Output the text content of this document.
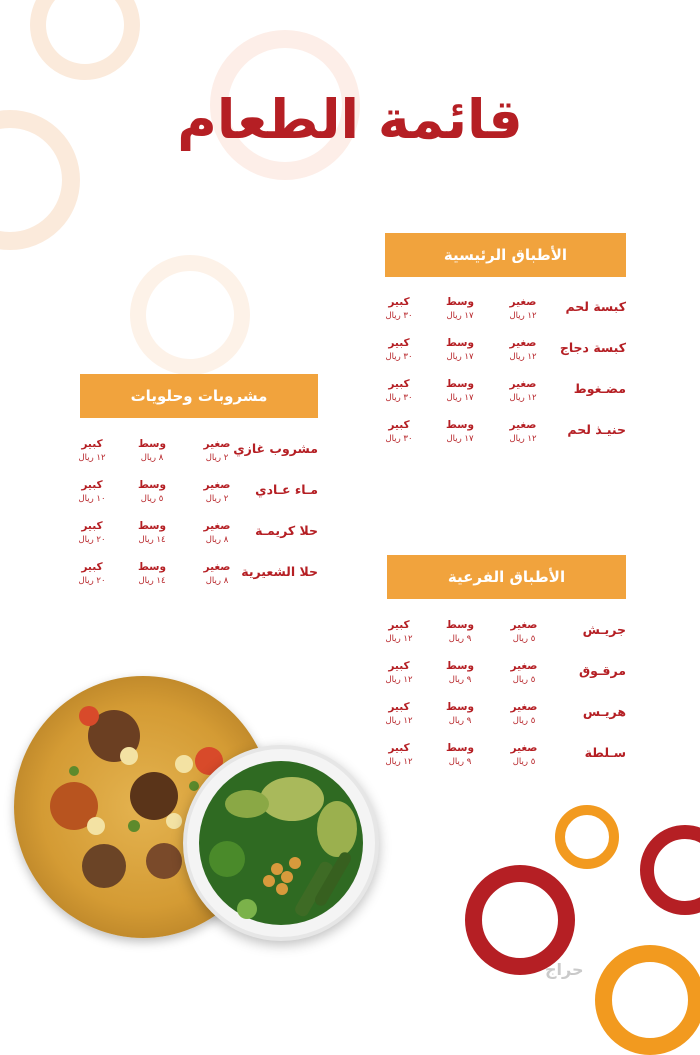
قائمة الطعام
الأطباق الرئيسية
كبسة لحم
صغير
١٢ ريال
وسط
١٧ ريال
كبير
٣٠ ريال
كبسة دجاج
صغير
١٢ ريال
وسط
١٧ ريال
كبير
٣٠ ريال
مضـغوط
صغير
١٢ ريال
وسط
١٧ ريال
كبير
٣٠ ريال
حنيـذ لحم
صغير
١٢ ريال
وسط
١٧ ريال
كبير
٣٠ ريال
مشروبات وحلويات
مشروب غازي
صغير
٢ ريال
وسط
٨ ريال
كبير
١٢ ريال
مـاء عـادي
صغير
٢ ريال
وسط
٥ ريال
كبير
١٠ ريال
حلا كريمـة
صغير
٨ ريال
وسط
١٤ ريال
كبير
٢٠ ريال
حلا الشعيرية
صغير
٨ ريال
وسط
١٤ ريال
كبير
٢٠ ريال	الأطباق الفرعية
جريـش
صغير
٥ ريال
وسط
٩ ريال
كبير
١٢ ريال
مرقـوق
صغير
٥ ريال
وسط
٩ ريال
كبير
١٢ ريال
هريـس
صغير
٥ ريال
وسط
٩ ريال
كبير
١٢ ريال
سـلطة
صغير
٥ ريال
وسط
٩ ريال
كبير
١٢ ريال
حراج
